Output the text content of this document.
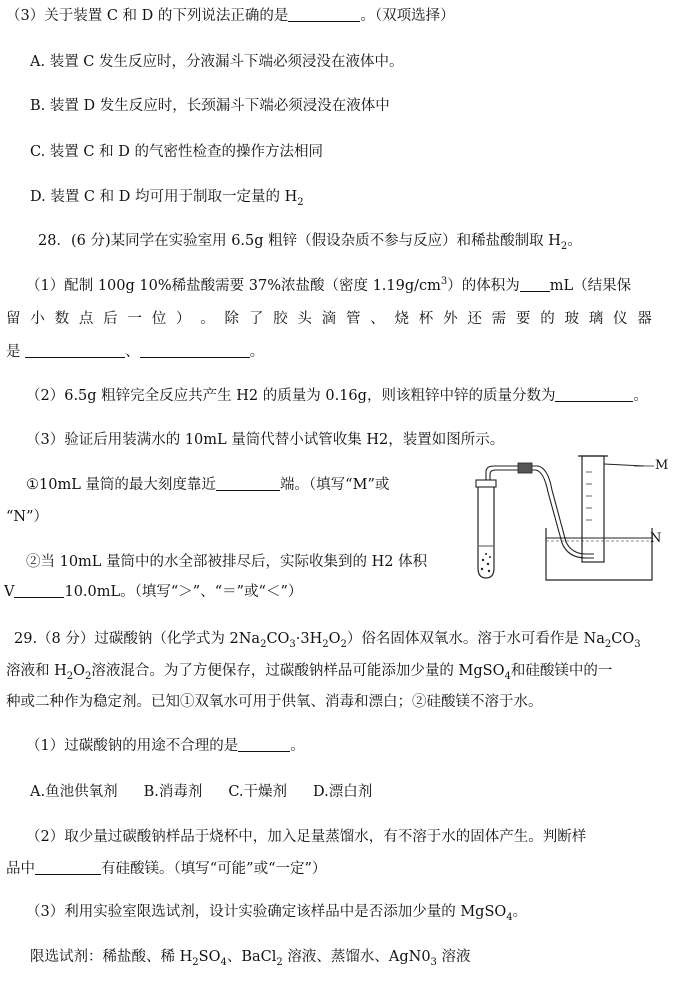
（3）关于装置 C 和 D 的下列说法正确的是	。（双项选择）
A. 装置 C 发生反应时，分液漏斗下端必须浸没在液体中。
B. 装置 D 发生反应时，长颈漏斗下端必须浸没在液体中
C. 装置 C 和 D 的气密性检查的操作方法相同
D. 装置 C 和 D 均可用于制取一定量的 $H_2$
28．(6 分)某同学在实验室用 6.5g 粗锌（假设杂质不参与反应）和稀盐酸制取 $H_2$。
（1）配制 100g 10%稀盐酸需要 37%浓盐酸（密度 $1.19g/cm^3$）的体积为 mL（结果保
留 小 数 点 后 一 位 ） 。 除 了 胶 头 滴 管 、 烧 杯 外 还 需 要 的 玻 璃 仪 器
是	、	。
（2）6.5g 粗锌完全反应共产生 H2 的质量为 0.16g，则该粗锌中锌的质量分数为	。
（3）验证后用装满水的 10mL 量筒代替小试管收集 H2，装置如图所示。
①10mL 量筒的最大刻度靠近	端。（填写“M”或
“N”）
②当 10mL 量筒中的水全部被排尽后，实际收集到的 H2 体积
V	10.0mL。（填写“＞”、“＝”或“＜”）
M
N
29.（8 分）过碳酸钠（化学式为 $2Na_2CO_3\cdot 3H_2O_2$）俗名固体双氧水。溶于水可看作是 $Na_2CO_3$
溶液和 $H_2O_2$溶液混合。为了方便保存，过碳酸钠样品可能添加少量的 MgSO$_4$和硅酸镁中的一
种或二种作为稳定剂。已知①双氧水可用于供氧、消毒和漂白；②硅酸镁不溶于水。
（1）过碳酸钠的用途不合理的是	。
A.鱼池供氧剂 B.消毒剂 C.干燥剂 D.漂白剂
（2）取少量过碳酸钠样品于烧杯中，加入足量蒸馏水，有不溶于水的固体产生。判断样
品中	有硅酸镁。（填写“可能”或“一定”）
（3）利用实验室限选试剂，设计实验确定该样品中是否添加少量的 MgSO$_4$。
限选试剂：稀盐酸、稀 $H_2SO_4$、BaCl$_2$ 溶液、蒸馏水、$AgN0_3$ 溶液
